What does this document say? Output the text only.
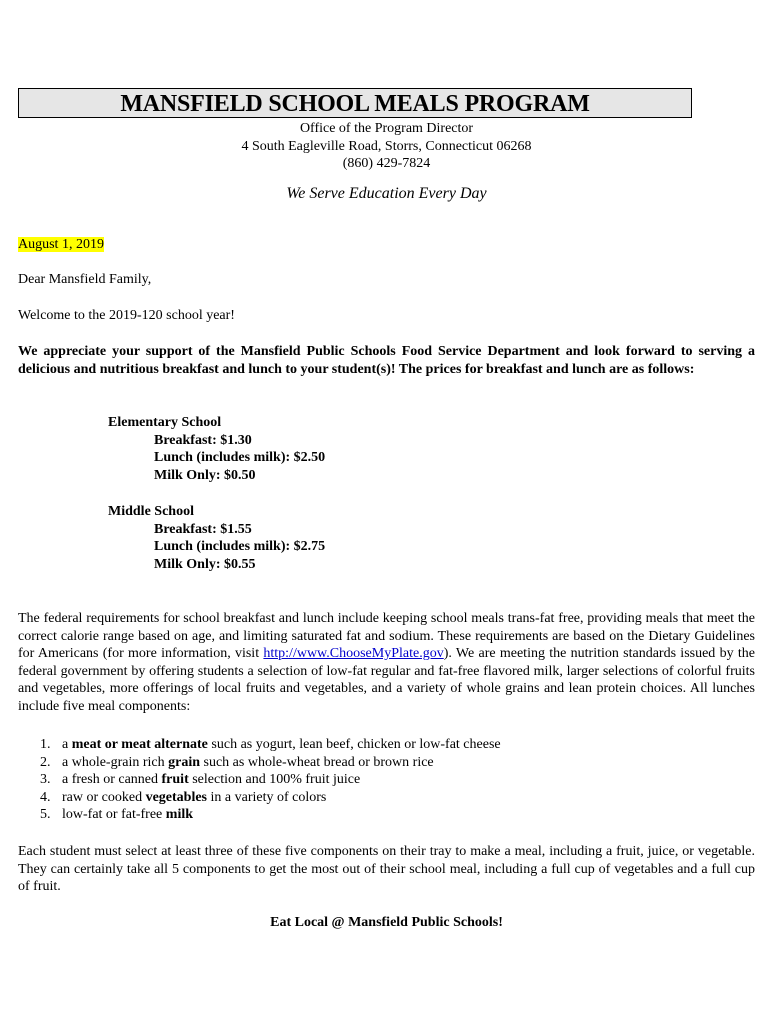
MANSFIELD SCHOOL MEALS PROGRAM
Office of the Program Director
4 South Eagleville Road, Storrs, Connecticut 06268
(860) 429-7824
We Serve Education Every Day

August 1, 2019

Dear Mansfield Family,

Welcome to the 2019-120 school year!

We appreciate your support of the Mansfield Public Schools Food Service Department and look forward to serving a delicious and nutritious breakfast and lunch to your student(s)! The prices for breakfast and lunch are as follows:

Elementary School
Breakfast: $1.30
Lunch (includes milk): $2.50
Milk Only: $0.50
Middle School
Breakfast: $1.55
Lunch (includes milk): $2.75
Milk Only: $0.55

The federal requirements for school breakfast and lunch include keeping school meals trans-fat free, providing meals that meet the correct calorie range based on age, and limiting saturated fat and sodium. These requirements are based on the Dietary Guidelines for Americans (for more information, visit http://www.ChooseMyPlate.gov). We are meeting the nutrition standards issued by the federal government by offering students a selection of low-fat regular and fat-free flavored milk, larger selections of colorful fruits and vegetables, more offerings of local fruits and vegetables, and a variety of whole grains and lean protein choices. All lunches include five meal components:

1. a meat or meat alternate such as yogurt, lean beef, chicken or low-fat cheese
2. a whole-grain rich grain such as whole-wheat bread or brown rice
3. a fresh or canned fruit selection and 100% fruit juice
4. raw or cooked vegetables in a variety of colors
5. low-fat or fat-free milk

Each student must select at least three of these five components on their tray to make a meal, including a fruit, juice, or vegetable. They can certainly take all 5 components to get the most out of their school meal, including a full cup of vegetables and a full cup of fruit.

Eat Local @ Mansfield Public Schools!
